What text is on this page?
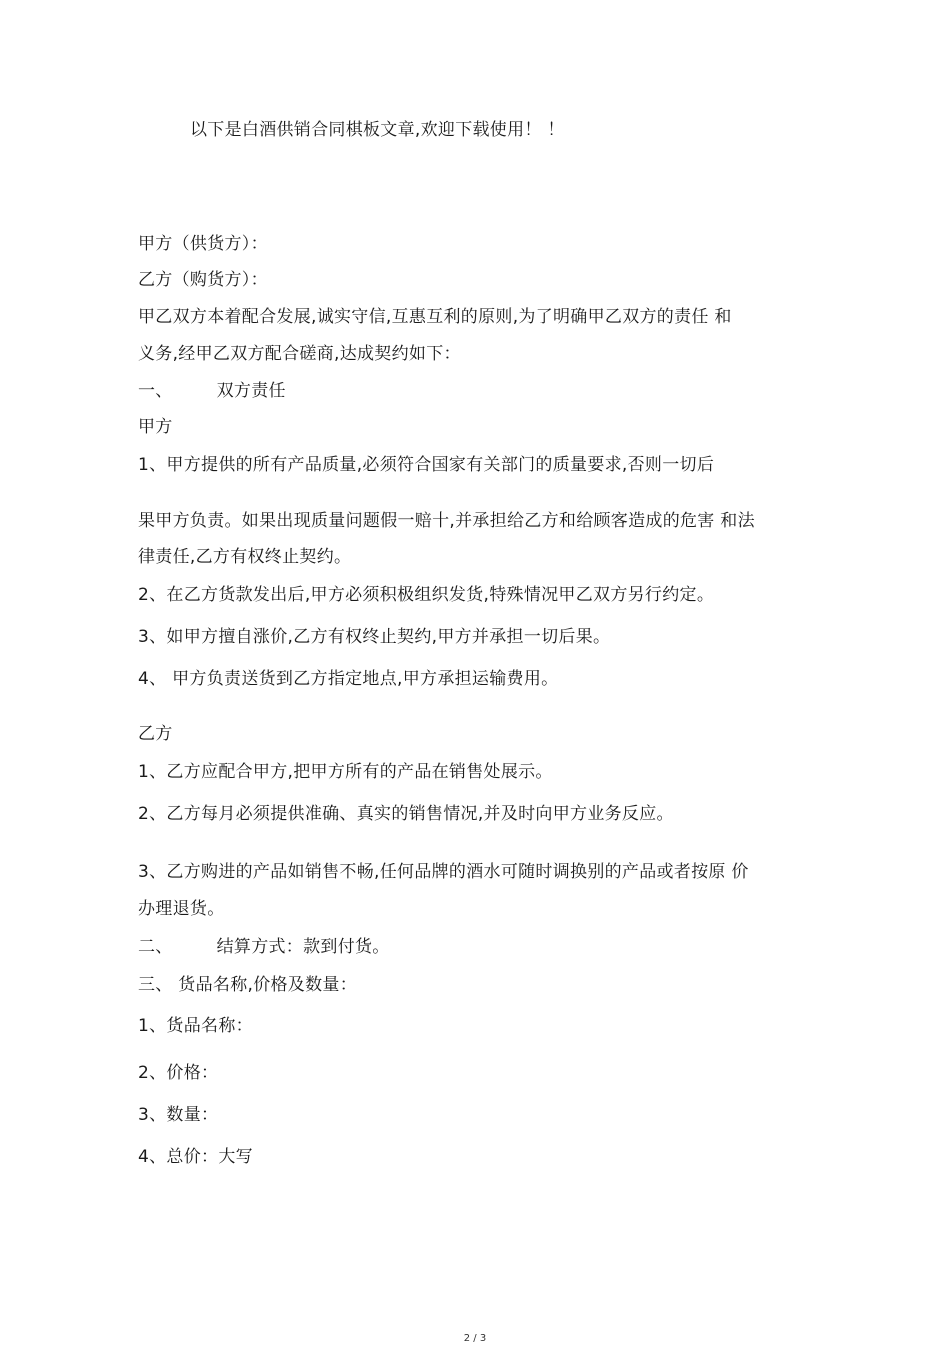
以下是白酒供销合同棋板文章,欢迎下载使用！ ！
甲方（供货方）：
乙方（购货方）：
甲乙双方本着配合发展,诚实守信,互惠互利的原则,为了明确甲乙双方的责任 和
义务,经甲乙双方配合磋商,达成契约如下：
一、	双方责任
甲方
1、甲方提供的所有产品质量,必须符合国家有关部门的质量要求,否则一切后
果甲方负责。如果出现质量问题假一赔十,并承担给乙方和给顾客造成的危害 和法
律责任,乙方有权终止契约。
2、在乙方货款发出后,甲方必须积极组织发货,特殊情况甲乙双方另行约定。
3、如甲方擅自涨价,乙方有权终止契约,甲方并承担一切后果。
4、 甲方负责送货到乙方指定地点,甲方承担运输费用。
乙方
1、乙方应配合甲方,把甲方所有的产品在销售处展示。
2、乙方每月必须提供准确、真实的销售情况,并及时向甲方业务反应。
3、乙方购进的产品如销售不畅,任何品牌的酒水可随时调换别的产品或者按原 价
办理退货。
二、	结算方式：款到付货。
三、 货品名称,价格及数量：
1、货品名称：
2、价格：
3、数量：
4、总价：大写
2 / 3
